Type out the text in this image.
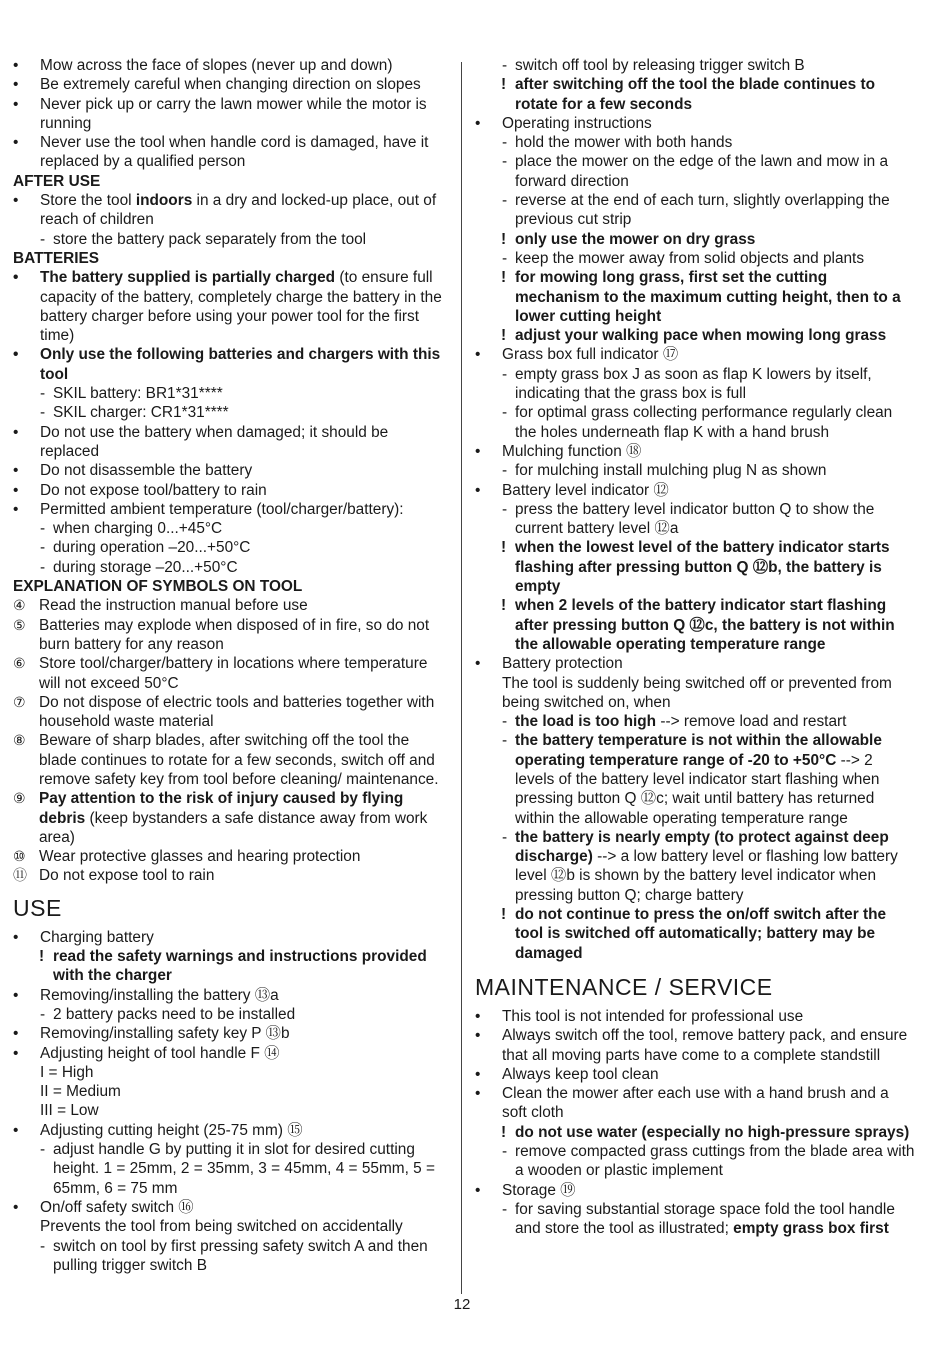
• Mow across the face of slopes (never up and down)
• Be extremely careful when changing direction on slopes
• Never pick up or carry the lawn mower while the motor is running
• Never use the tool when handle cord is damaged, have it replaced by a qualified person
AFTER USE
• Store the tool indoors in a dry and locked-up place, out of reach of children
- store the battery pack separately from the tool
BATTERIES
• The battery supplied is partially charged (to ensure full capacity of the battery, completely charge the battery in the battery charger before using your power tool for the first time)
• Only use the following batteries and chargers with this tool
- SKIL battery: BR1*31****
- SKIL charger: CR1*31****
• Do not use the battery when damaged; it should be replaced
• Do not disassemble the battery
• Do not expose tool/battery to rain
• Permitted ambient temperature (tool/charger/battery):
- when charging 0...+45°C
- during operation –20...+50°C
- during storage –20...+50°C
EXPLANATION OF SYMBOLS ON TOOL
④ Read the instruction manual before use
⑤ Batteries may explode when disposed of in fire, so do not burn battery for any reason
⑥ Store tool/charger/battery in locations where temperature will not exceed 50°C
⑦ Do not dispose of electric tools and batteries together with household waste material
⑧ Beware of sharp blades, after switching off the tool the blade continues to rotate for a few seconds, switch off and remove safety key from tool before cleaning/ maintenance.
⑨ Pay attention to the risk of injury caused by flying debris (keep bystanders a safe distance away from work area)
⑩ Wear protective glasses and hearing protection
⑪ Do not expose tool to rain
USE
• Charging battery
! read the safety warnings and instructions provided with the charger
• Removing/installing the battery ⑬a
- 2 battery packs need to be installed
• Removing/installing safety key P ⑬b
• Adjusting height of tool handle F ⑭
I = High
II = Medium
III = Low
• Adjusting cutting height (25-75 mm) ⑮
- adjust handle G by putting it in slot for desired cutting height. 1 = 25mm, 2 = 35mm, 3 = 45mm, 4 = 55mm, 5 = 65mm, 6 = 75 mm
• On/off safety switch ⑯
Prevents the tool from being switched on accidentally
- switch on tool by first pressing safety switch A and then pulling trigger switch B
- switch off tool by releasing trigger switch B
! after switching off the tool the blade continues to rotate for a few seconds
• Operating instructions
- hold the mower with both hands
- place the mower on the edge of the lawn and mow in a forward direction
- reverse at the end of each turn, slightly overlapping the previous cut strip
! only use the mower on dry grass
- keep the mower away from solid objects and plants
! for mowing long grass, first set the cutting mechanism to the maximum cutting height, then to a lower cutting height
! adjust your walking pace when mowing long grass
• Grass box full indicator ⑰
- empty grass box J as soon as flap K lowers by itself, indicating that the grass box is full
- for optimal grass collecting performance regularly clean the holes underneath flap K with a hand brush
• Mulching function ⑱
- for mulching install mulching plug N as shown
• Battery level indicator ⑫
- press the battery level indicator button Q to show the current battery level ⑫a
! when the lowest level of the battery indicator starts flashing after pressing button Q ⑫b, the battery is empty
! when 2 levels of the battery indicator start flashing after pressing button Q ⑫c, the battery is not within the allowable operating temperature range
• Battery protection
The tool is suddenly being switched off or prevented from being switched on, when
- the load is too high --> remove load and restart
- the battery temperature is not within the allowable operating temperature range of -20 to +50°C --> 2 levels of the battery level indicator start flashing when pressing button Q ⑫c; wait until battery has returned within the allowable operating temperature range
- the battery is nearly empty (to protect against deep discharge) --> a low battery level or flashing low battery level ⑫b is shown by the battery level indicator when pressing button Q; charge battery
! do not continue to press the on/off switch after the tool is switched off automatically; battery may be damaged
MAINTENANCE / SERVICE
• This tool is not intended for professional use
• Always switch off the tool, remove battery pack, and ensure that all moving parts have come to a complete standstill
• Always keep tool clean
• Clean the mower after each use with a hand brush and a soft cloth
! do not use water (especially no high-pressure sprays)
- remove compacted grass cuttings from the blade area with a wooden or plastic implement
• Storage ⑲
- for saving substantial storage space fold the tool handle and store the tool as illustrated; empty grass box first
12
